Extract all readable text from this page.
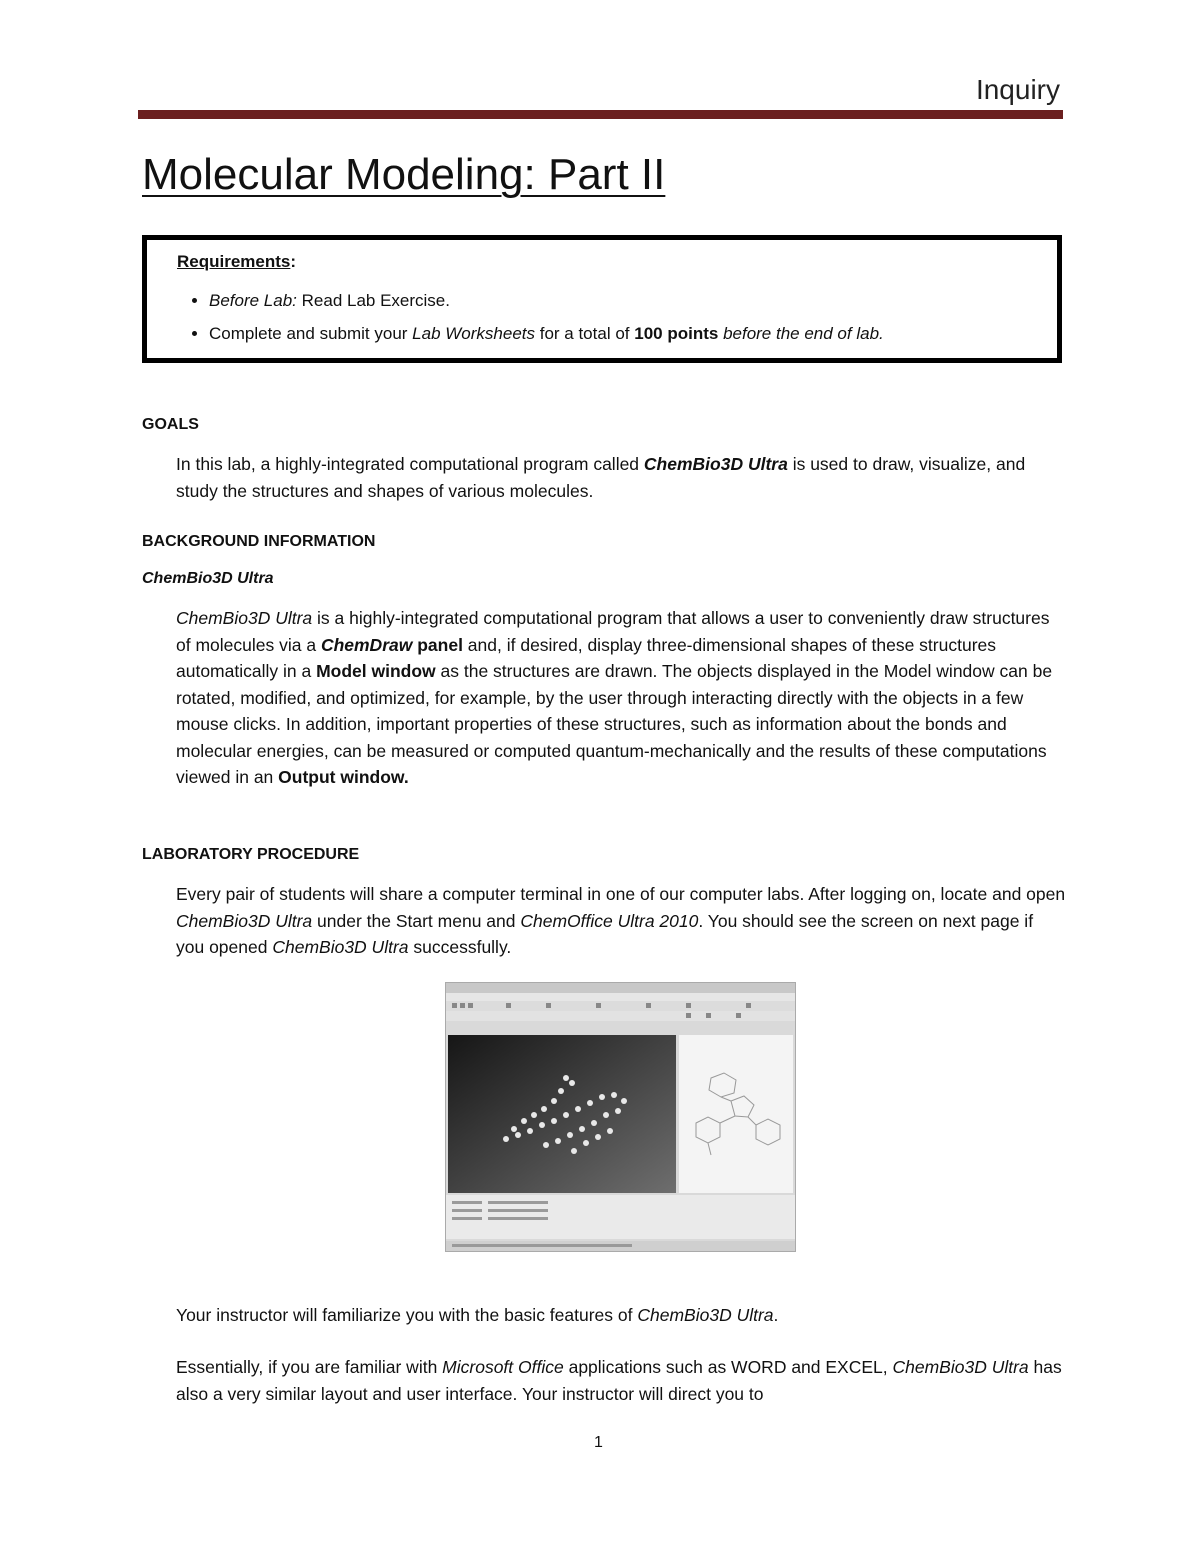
Inquiry
Molecular Modeling: Part II
Requirements:
• Before Lab: Read Lab Exercise.
• Complete and submit your Lab Worksheets for a total of 100 points before the end of lab.
GOALS

In this lab, a highly-integrated computational program called ChemBio3D Ultra is used to draw, visualize, and study the structures and shapes of various molecules.

BACKGROUND INFORMATION
ChemBio3D Ultra

ChemBio3D Ultra is a highly-integrated computational program that allows a user to conveniently draw structures of molecules via a ChemDraw panel and, if desired, display three-dimensional shapes of these structures automatically in a Model window as the structures are drawn. The objects displayed in the Model window can be rotated, modified, and optimized, for example, by the user through interacting directly with the objects in a few mouse clicks. In addition, important properties of these structures, such as information about the bonds and molecular energies, can be measured or computed quantum-mechanically and the results of these computations viewed in an Output window.

LABORATORY PROCEDURE

Every pair of students will share a computer terminal in one of our computer labs. After logging on, locate and open ChemBio3D Ultra under the Start menu and ChemOffice Ultra 2010. You should see the screen on next page if you opened ChemBio3D Ultra successfully.

Your instructor will familiarize you with the basic features of ChemBio3D Ultra.

Essentially, if you are familiar with Microsoft Office applications such as WORD and EXCEL, ChemBio3D Ultra has also a very similar layout and user interface. Your instructor will direct you to

1
